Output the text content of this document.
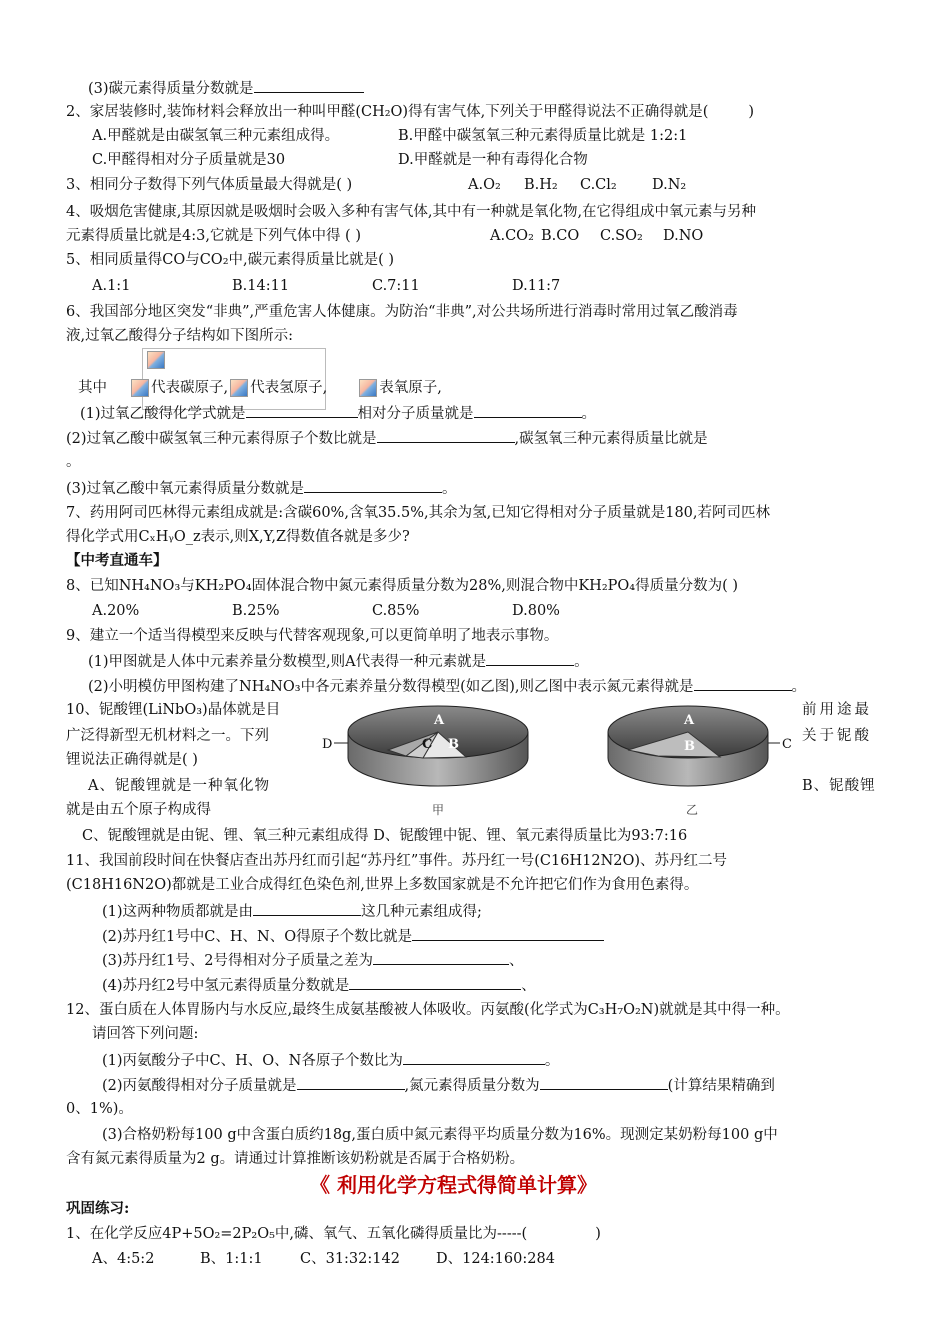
(3)碳元素得质量分数就是
2、家居装修时,装饰材料会释放出一种叫甲醛(CH₂O)得有害气体,下列关于甲醛得说法不正确得就是(	)
A.甲醛就是由碳氢氧三种元素组成得。	B.甲醛中碳氢氧三种元素得质量比就是 1:2:1
C.甲醛得相对分子质量就是30	D.甲醛就是一种有毒得化合物
3、相同分子数得下列气体质量最大得就是( )	A.O₂ B.H₂ C.Cl₂ D.N₂
4、吸烟危害健康,其原因就是吸烟时会吸入多种有害气体,其中有一种就是氧化物,在它得组成中氧元素与另种
元素得质量比就是4:3,它就是下列气体中得 ( )	A.CO₂ B.CO C.SO₂ D.NO
5、相同质量得CO与CO₂中,碳元素得质量比就是( )
A.1:1	B.14:11	C.7:11	D.11:7
6、我国部分地区突发“非典”,严重危害人体健康。为防治“非典”,对公共场所进行消毒时常用过氧乙酸消毒
液,过氧乙酸得分子结构如下图所示:
其中	代表碳原子, 代表氢原子,	表氧原子,
(1)过氧乙酸得化学式就是	相对分子质量就是	。
(2)过氧乙酸中碳氢氧三种元素得原子个数比就是	,碳氢氧三种元素得质量比就是
。
(3)过氧乙酸中氧元素得质量分数就是	。
7、药用阿司匹林得元素组成就是:含碳60%,含氧35.5%,其余为氢,已知它得相对分子质量就是180,若阿司匹林
得化学式用CₓHᵧO_z表示,则X,Y,Z得数值各就是多少?
【中考直通车】
8、已知NH₄NO₃与KH₂PO₄固体混合物中氮元素得质量分数为28%,则混合物中KH₂PO₄得质量分数为( )
A.20%	B.25%	C.85%	D.80%
9、建立一个适当得模型来反映与代替客观现象,可以更简单明了地表示事物。
(1)甲图就是人体中元素养量分数模型,则A代表得一种元素就是	。
(2)小明模仿甲图构建了NH₄NO₃中各元素养量分数得模型(如乙图),则乙图中表示氮元素得就是	。
10、铌酸锂(LiNbO₃)晶体就是目	前用途最
广泛得新型无机材料之一。下列	关于铌酸
锂说法正确得就是( )
A、铌酸锂就是一种氧化物	B、铌酸锂
就是由五个原子构成得
C、铌酸锂就是由铌、锂、氧三种元素组成得 D、铌酸锂中铌、锂、氧元素得质量比为93:7:16
A
B
C
D
甲
A
B	C
乙
11、我国前段时间在快餐店查出苏丹红而引起“苏丹红”事件。苏丹红一号(C16H12N2O)、苏丹红二号
(C18H16N2O)都就是工业合成得红色染色剂,世界上多数国家就是不允许把它们作为食用色素得。
(1)这两种物质都就是由	这几种元素组成得;
(2)苏丹红1号中C、H、N、O得原子个数比就是
(3)苏丹红1号、2号得相对分子质量之差为	、
(4)苏丹红2号中氢元素得质量分数就是	、
12、蛋白质在人体胃肠内与水反应,最终生成氨基酸被人体吸收。丙氨酸(化学式为C₃H₇O₂N)就就是其中得一种。
请回答下列问题:
(1)丙氨酸分子中C、H、O、N各原子个数比为	。
(2)丙氨酸得相对分子质量就是	,氮元素得质量分数为	(计算结果精确到
0、1%)。
(3)合格奶粉每100 g中含蛋白质约18g,蛋白质中氮元素得平均质量分数为16%。现测定某奶粉每100 g中
含有氮元素得质量为2 g。请通过计算推断该奶粉就是否属于合格奶粉。
《 利用化学方程式得简单计算》
巩固练习:
1、在化学反应4P+5O₂=2P₂O₅中,磷、氧气、五氧化磷得质量比为-----(	)
A、4:5:2	B、1:1:1	C、31:32:142 D、124:160:284
